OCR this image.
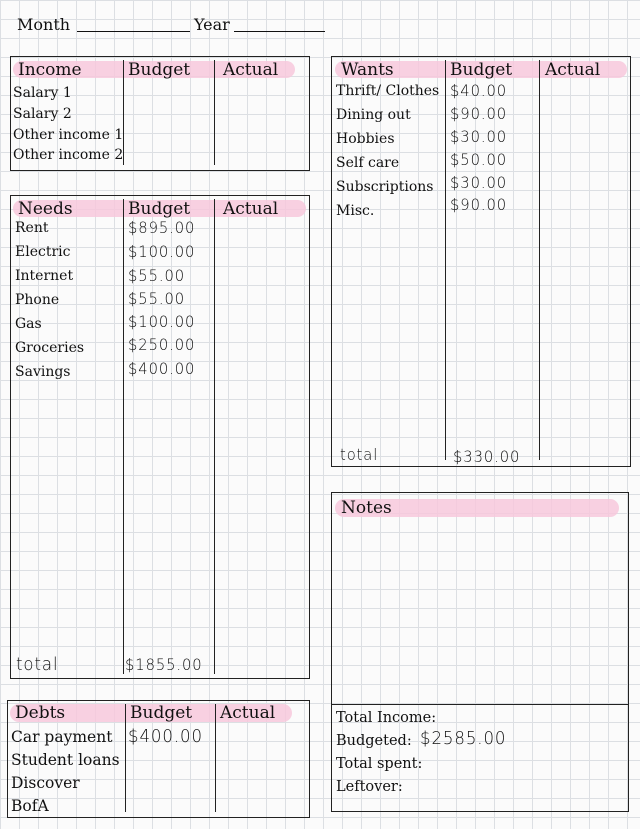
Month	Year
Income	Budget Actual
Salary 1
Salary 2
Other income 1
Other income 2
Needs	Budget Actual
Rent	$895.00
Electric	$100.00
Internet	$55.00
Phone	$55.00
Gas	$100.00
Groceries	$250.00
Savings	$400.00
total	$1855.00
Debts	Budget Actual
Car payment $400.00
Student loans
Discover
BofA
Wants	Budget Actual
Thrift/ Clothes $40.00
Dining out $90.00
Hobbies	$30.00
Self care	$50.00
Subscriptions $30.00
Misc.	$90.00
total	$330.00
Notes
Total Income:
Budgeted: $2585.00
Total spent:
Leftover:
